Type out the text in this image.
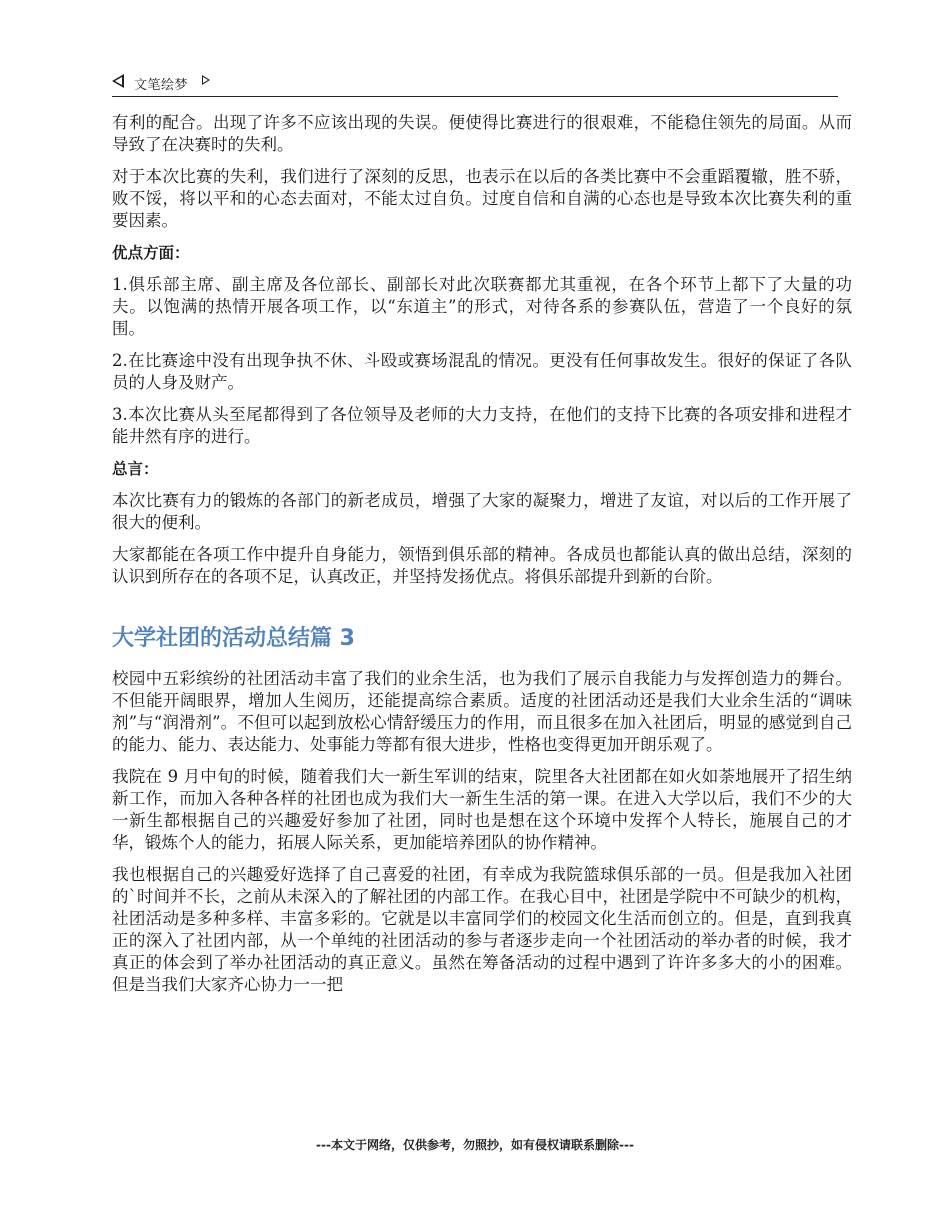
文笔绘梦

有利的配合。出现了许多不应该出现的失误。便使得比赛进行的很艰难，不能稳住领先的局面。从而导致了在决赛时的失利。

对于本次比赛的失利，我们进行了深刻的反思，也表示在以后的各类比赛中不会重蹈覆辙，胜不骄，败不馁，将以平和的心态去面对，不能太过自负。过度自信和自满的心态也是导致本次比赛失利的重要因素。

优点方面：

1.俱乐部主席、副主席及各位部长、副部长对此次联赛都尤其重视，在各个环节上都下了大量的功夫。以饱满的热情开展各项工作，以“东道主”的形式，对待各系的参赛队伍，营造了一个良好的氛围。

2.在比赛途中没有出现争执不休、斗殴或赛场混乱的情况。更没有任何事故发生。很好的保证了各队员的人身及财产。

3.本次比赛从头至尾都得到了各位领导及老师的大力支持，在他们的支持下比赛的各项安排和进程才能井然有序的进行。

总言：

本次比赛有力的锻炼的各部门的新老成员，增强了大家的凝聚力，增进了友谊，对以后的工作开展了很大的便利。

大家都能在各项工作中提升自身能力，领悟到俱乐部的精神。各成员也都能认真的做出总结，深刻的认识到所存在的各项不足，认真改正，并坚持发扬优点。将俱乐部提升到新的台阶。

大学社团的活动总结篇 3

校园中五彩缤纷的社团活动丰富了我们的业余生活，也为我们了展示自我能力与发挥创造力的舞台。不但能开阔眼界，增加人生阅历，还能提高综合素质。适度的社团活动还是我们大业余生活的“调味剂”与“润滑剂”。不但可以起到放松心情舒缓压力的作用，而且很多在加入社团后，明显的感觉到自己的能力、能力、表达能力、处事能力等都有很大进步，性格也变得更加开朗乐观了。

我院在 9 月中旬的时候，随着我们大一新生军训的结束，院里各大社团都在如火如荼地展开了招生纳新工作，而加入各种各样的社团也成为我们大一新生生活的第一课。在进入大学以后，我们不少的大一新生都根据自己的兴趣爱好参加了社团，同时也是想在这个环境中发挥个人特长，施展自己的才华，锻炼个人的能力，拓展人际关系，更加能培养团队的协作精神。

我也根据自己的兴趣爱好选择了自己喜爱的社团，有幸成为我院篮球俱乐部的一员。但是我加入社团的`时间并不长，之前从未深入的了解社团的内部工作。在我心目中，社团是学院中不可缺少的机构，社团活动是多种多样、丰富多彩的。它就是以丰富同学们的校园文化生活而创立的。但是，直到我真正的深入了社团内部，从一个单纯的社团活动的参与者逐步走向一个社团活动的举办者的时候，我才真正的体会到了举办社团活动的真正意义。虽然在筹备活动的过程中遇到了许许多多大的小的困难。但是当我们大家齐心协力一一把

---本文于网络，仅供参考，勿照抄，如有侵权请联系删除---
